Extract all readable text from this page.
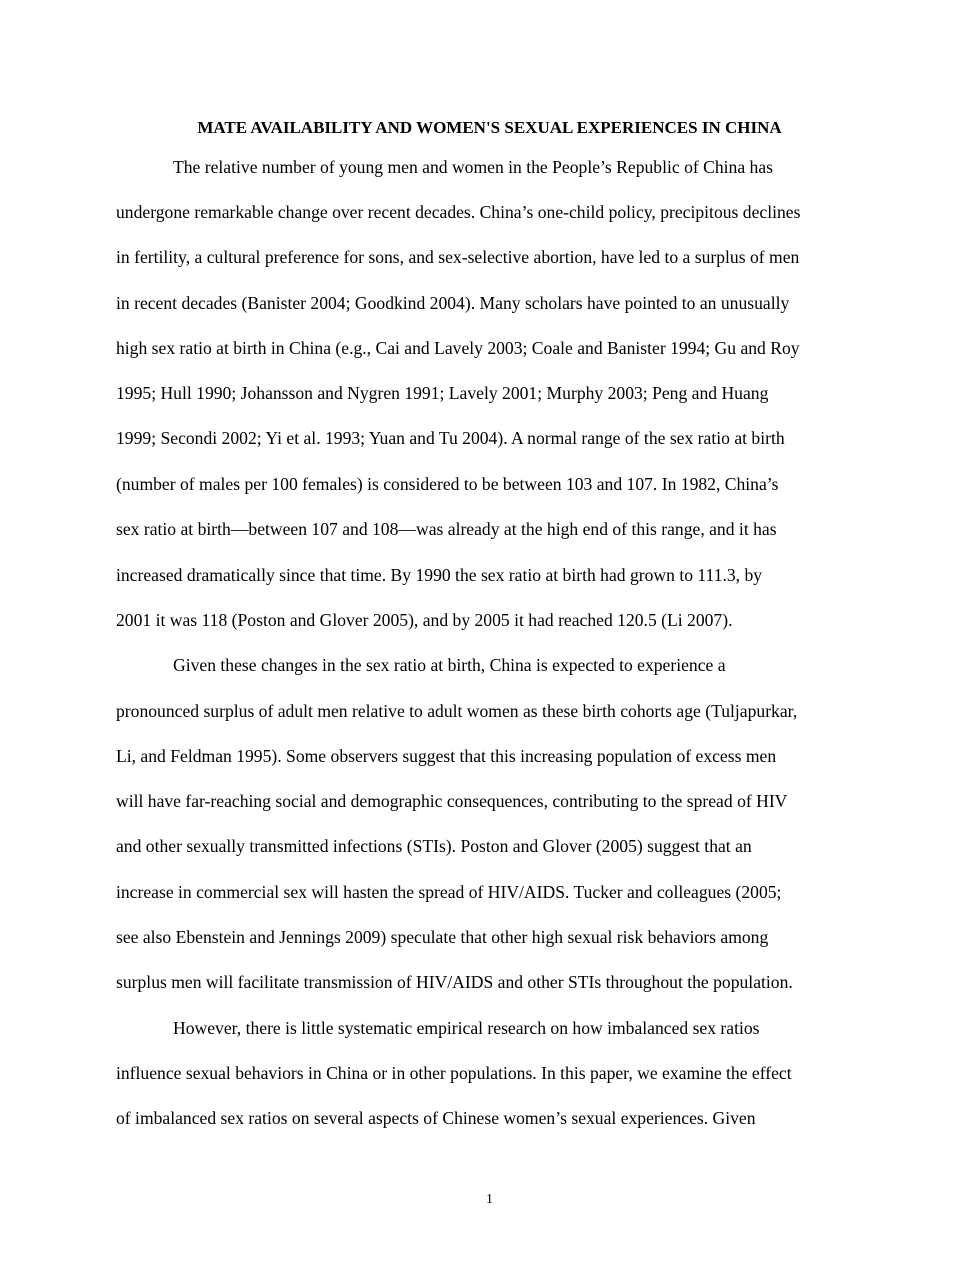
MATE AVAILABILITY AND WOMEN'S SEXUAL EXPERIENCES IN CHINA
The relative number of young men and women in the People’s Republic of China has
undergone remarkable change over recent decades. China’s one-child policy, precipitous declines
in fertility, a cultural preference for sons, and sex-selective abortion, have led to a surplus of men
in recent decades (Banister 2004; Goodkind 2004). Many scholars have pointed to an unusually
high sex ratio at birth in China (e.g., Cai and Lavely 2003; Coale and Banister 1994; Gu and Roy
1995; Hull 1990; Johansson and Nygren 1991; Lavely 2001; Murphy 2003; Peng and Huang
1999; Secondi 2002; Yi et al. 1993; Yuan and Tu 2004). A normal range of the sex ratio at birth
(number of males per 100 females) is considered to be between 103 and 107. In 1982, China’s
sex ratio at birth—between 107 and 108—was already at the high end of this range, and it has
increased dramatically since that time. By 1990 the sex ratio at birth had grown to 111.3, by
2001 it was 118 (Poston and Glover 2005), and by 2005 it had reached 120.5 (Li 2007).
Given these changes in the sex ratio at birth, China is expected to experience a
pronounced surplus of adult men relative to adult women as these birth cohorts age (Tuljapurkar,
Li, and Feldman 1995). Some observers suggest that this increasing population of excess men
will have far-reaching social and demographic consequences, contributing to the spread of HIV
and other sexually transmitted infections (STIs). Poston and Glover (2005) suggest that an
increase in commercial sex will hasten the spread of HIV/AIDS. Tucker and colleagues (2005;
see also Ebenstein and Jennings 2009) speculate that other high sexual risk behaviors among
surplus men will facilitate transmission of HIV/AIDS and other STIs throughout the population.
However, there is little systematic empirical research on how imbalanced sex ratios
influence sexual behaviors in China or in other populations. In this paper, we examine the effect
of imbalanced sex ratios on several aspects of Chinese women’s sexual experiences. Given
1
